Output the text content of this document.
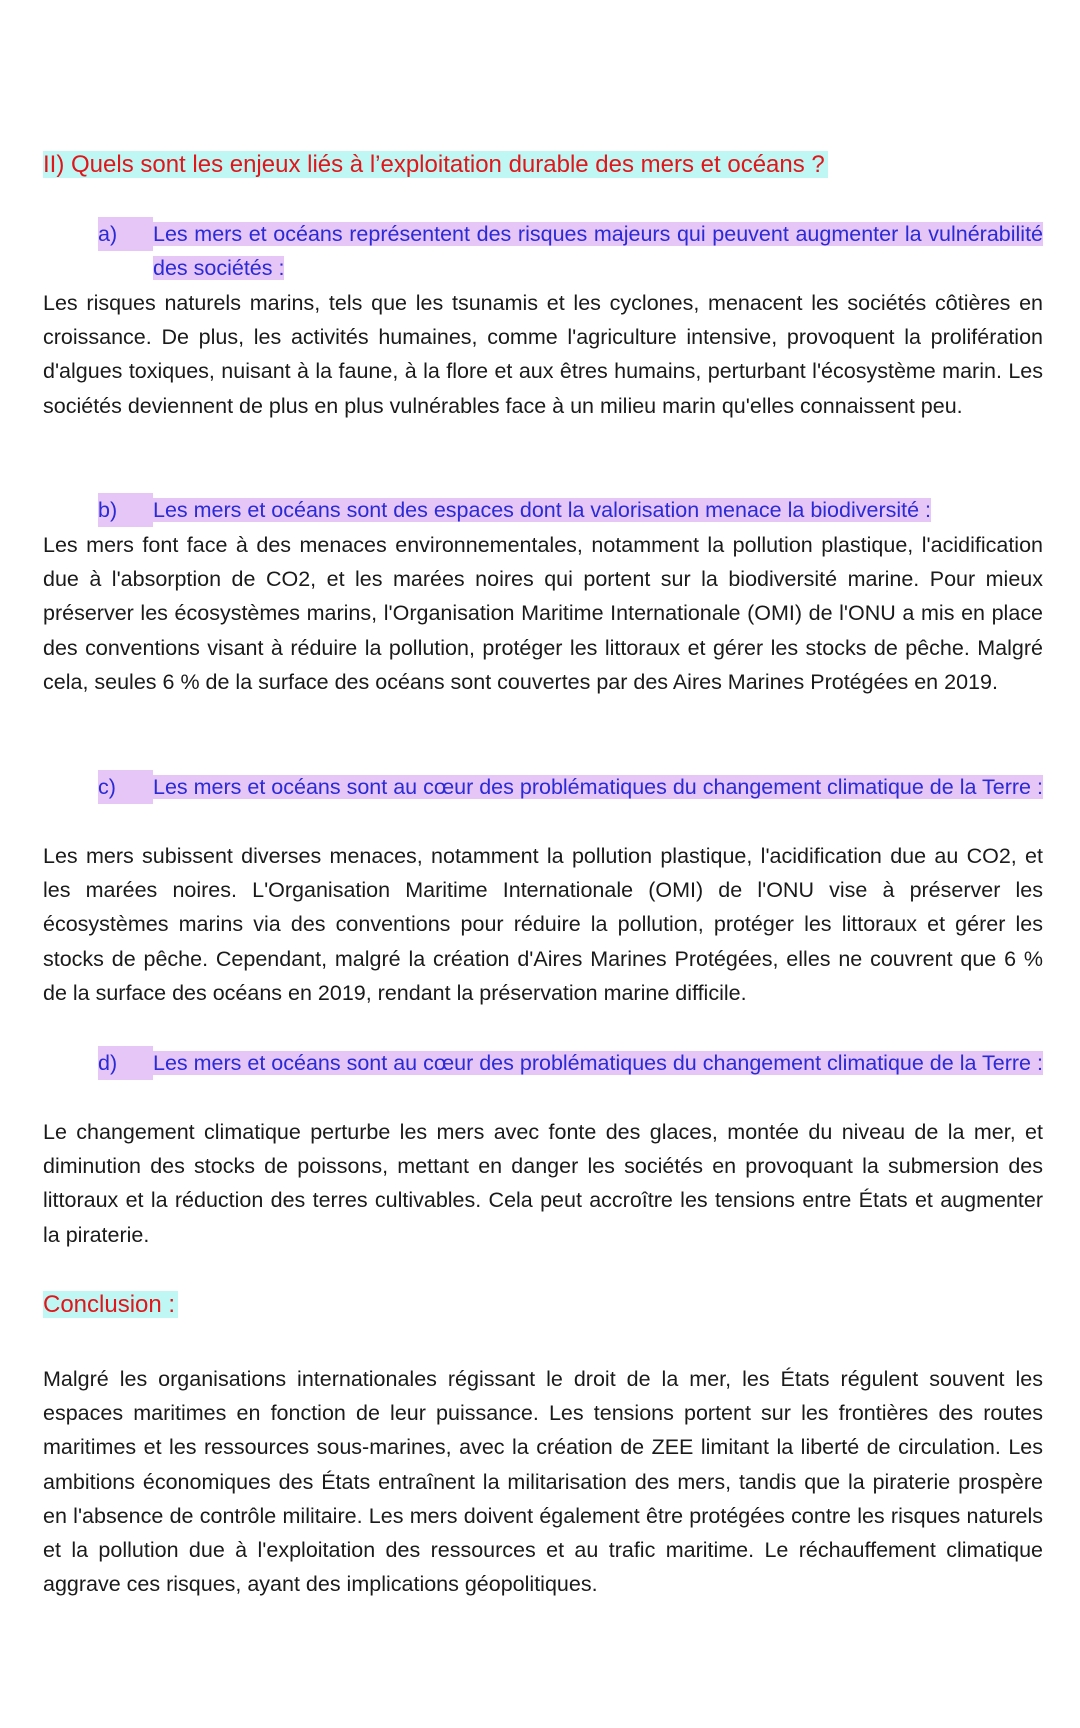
II) Quels sont les enjeux liés à l’exploitation durable des mers et océans ?
a)	Les mers et océans représentent des risques majeurs qui peuvent augmenter la vulnérabilité des sociétés :
Les risques naturels marins, tels que les tsunamis et les cyclones, menacent les sociétés côtières en croissance. De plus, les activités humaines, comme l'agriculture intensive, provoquent la prolifération d'algues toxiques, nuisant à la faune, à la flore et aux êtres humains, perturbant l'écosystème marin. Les sociétés deviennent de plus en plus vulnérables face à un milieu marin qu'elles connaissent peu.
b)	Les mers et océans sont des espaces dont la valorisation menace la biodiversité :
Les mers font face à des menaces environnementales, notamment la pollution plastique, l'acidification due à l'absorption de CO2, et les marées noires qui portent sur la biodiversité marine. Pour mieux préserver les écosystèmes marins, l'Organisation Maritime Internationale (OMI) de l'ONU a mis en place des conventions visant à réduire la pollution, protéger les littoraux et gérer les stocks de pêche. Malgré cela, seules 6 % de la surface des océans sont couvertes par des Aires Marines Protégées en 2019.
c)	Les mers et océans sont au cœur des problématiques du changement climatique de la Terre :
Les mers subissent diverses menaces, notamment la pollution plastique, l'acidification due au CO2, et les marées noires. L'Organisation Maritime Internationale (OMI) de l'ONU vise à préserver les écosystèmes marins via des conventions pour réduire la pollution, protéger les littoraux et gérer les stocks de pêche. Cependant, malgré la création d'Aires Marines Protégées, elles ne couvrent que 6 % de la surface des océans en 2019, rendant la préservation marine difficile.
d)	Les mers et océans sont au cœur des problématiques du changement climatique de la Terre :
Le changement climatique perturbe les mers avec fonte des glaces, montée du niveau de la mer, et diminution des stocks de poissons, mettant en danger les sociétés en provoquant la submersion des littoraux et la réduction des terres cultivables. Cela peut accroître les tensions entre États et augmenter la piraterie.
Conclusion :
Malgré les organisations internationales régissant le droit de la mer, les États régulent souvent les espaces maritimes en fonction de leur puissance. Les tensions portent sur les frontières des routes maritimes et les ressources sous-marines, avec la création de ZEE limitant la liberté de circulation. Les ambitions économiques des États entraînent la militarisation des mers, tandis que la piraterie prospère en l'absence de contrôle militaire. Les mers doivent également être protégées contre les risques naturels et la pollution due à l'exploitation des ressources et au trafic maritime. Le réchauffement climatique aggrave ces risques, ayant des implications géopolitiques.
